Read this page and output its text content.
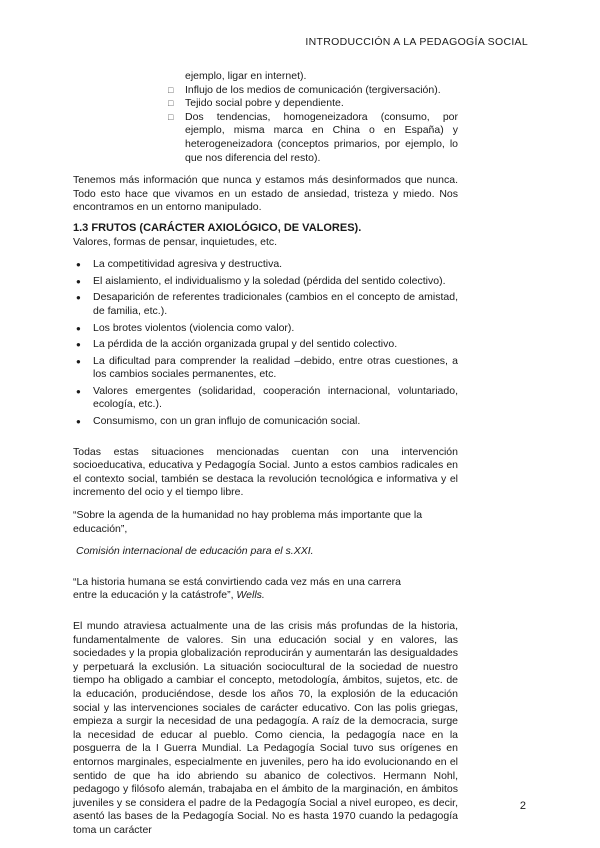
INTRODUCCIÓN A LA PEDAGOGÍA SOCIAL
ejemplo, ligar en internet).
□	Influjo de los medios de comunicación (tergiversación).
□	Tejido social pobre y dependiente.
□	Dos tendencias, homogeneizadora (consumo, por ejemplo, misma marca en China o en España) y heterogeneizadora (conceptos primarios, por ejemplo, lo que nos diferencia del resto).

Tenemos más información que nunca y estamos más desinformados que nunca. Todo esto hace que vivamos en un estado de ansiedad, tristeza y miedo. Nos encontramos en un entorno manipulado.

1.3 FRUTOS (CARÁCTER AXIOLÓGICO, DE VALORES).

Valores, formas de pensar, inquietudes, etc.

●	La competitividad agresiva y destructiva.
●	El aislamiento, el individualismo y la soledad (pérdida del sentido colectivo).
●	Desaparición de referentes tradicionales (cambios en el concepto de amistad, de familia, etc.).
●	Los brotes violentos (violencia como valor).
●	La pérdida de la acción organizada grupal y del sentido colectivo.
●	La dificultad para comprender la realidad –debido, entre otras cuestiones, a los cambios sociales permanentes, etc.
●	Valores emergentes (solidaridad, cooperación internacional, voluntariado, ecología, etc.).
●	Consumismo, con un gran influjo de comunicación social.

Todas estas situaciones mencionadas cuentan con una intervención socioeducativa, educativa y Pedagogía Social. Junto a estos cambios radicales en el contexto social, también se destaca la revolución tecnológica e informativa y el incremento del ocio y el tiempo libre.

“Sobre la agenda de la humanidad no hay problema más importante que la educación”,

Comisión internacional de educación para el s.XXI.

“La historia humana se está convirtiendo cada vez más en una carrera entre la educación y la catástrofe”, Wells.

El mundo atraviesa actualmente una de las crisis más profundas de la historia, fundamentalmente de valores. Sin una educación social y en valores, las sociedades y la propia globalización reproducirán y aumentarán las desigualdades y perpetuará la exclusión. La situación sociocultural de la sociedad de nuestro tiempo ha obligado a cambiar el concepto, metodología, ámbitos, sujetos, etc. de la educación, produciéndose, desde los años 70, la explosión de la educación social y las intervenciones sociales de carácter educativo. Con las polis griegas, empieza a surgir la necesidad de una pedagogía. A raíz de la democracia, surge la necesidad de educar al pueblo. Como ciencia, la pedagogía nace en la posguerra de la I Guerra Mundial. La Pedagogía Social tuvo sus orígenes en entornos marginales, especialmente en juveniles, pero ha ido evolucionando en el sentido de que ha ido abriendo su abanico de colectivos. Hermann Nohl, pedagogo y filósofo alemán, trabajaba en el ámbito de la marginación, en ámbitos juveniles y se considera el padre de la Pedagogía Social a nivel europeo, es decir, asentó las bases de la Pedagogía Social. No es hasta 1970 cuando la pedagogía toma un carácter

2
